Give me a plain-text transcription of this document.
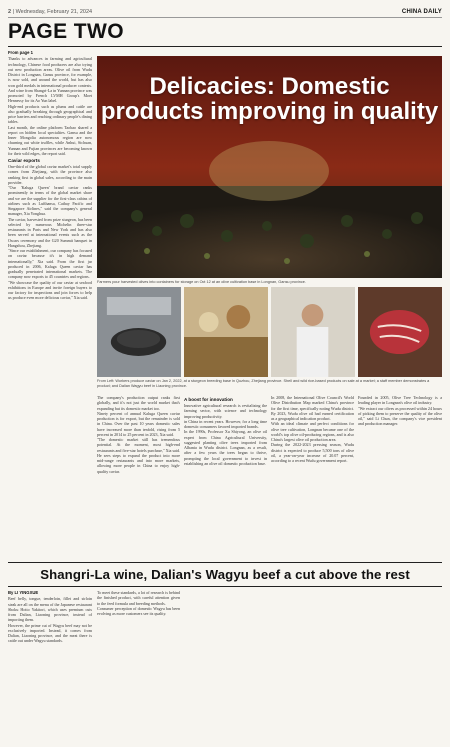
2 | Wednesday, February 21, 2024	CHINA DAILY
PAGE TWO

From page 1

Thanks to advances in farming and agricultural technology, Chinese food producers are also trying out new production areas. Olive oil from Wudu District in Longnan, Gansu province, for example, is now sold, and around the world, but has also won gold medals in international producer contests. And wine from Shangri-La in Yunnan province was promoted by French LVMH Group's Moet Hennessy for its Ao Yun label.

High-end products such as plums and cattle are also gradually breaking through geographical and price barriers and reaching ordinary people's dining tables.

Last month, the online platform Taobao shared a report on hidden local specialties. Gansu and the Inner Mongolia autonomous region are now churning out white truffles, while Anhui, Sichuan, Yunnan and Fujian provinces are becoming known for their wild edges, the report said.

Caviar exports

One-third of the global caviar market's total supply comes from Zhejiang, with the province also ranking first in global sales, according to the main provider.

"Our 'Kaluga Queen' brand caviar ranks prominently in terms of the global market share and we are the supplier for the first-class cabins of airlines such as Lufthansa, Cathay Pacific and Singapore Airlines," said the company's general manager, Xia Yonghua.

The caviar, harvested from prize sturgeon, has been selected by numerous Michelin three-star restaurants in Paris and New York and has also been served at international events such as the Oscars ceremony and the G20 Summit banquet in Hangzhou, Zhejiang.

"Since our establishment, our company has focused on caviar because it's in high demand internationally," Xia said. From the first jar produced in 2006, Kaluga Queen caviar has gradually penetrated international markets. The company now exports to 45 countries and regions.

"We showcase the quality of our caviar at seafood exhibitions in Europe and invite foreign buyers to our factory for inspections and join forces to help us produce even more delicious caviar," Xia said.

Delicacies: Domestic products improving in quality
Farmers pour harvested olives into containers for storage on Oct 12 at an olive cultivation base in Longnan, Gansu province.
From Left: Workers produce caviar on Jan 2, 2022, at a sturgeon breeding base in Quzhou, Zhejiang province. Shell and wild rice-based products on sale at a market; a staff member demonstrates a product; and Dalian Wagyu beef in Liaoning province.

The company's production output ranks first globally, and it's not just the world market that's expanding but its domestic market too.

Ninety percent of annual Kaluga Queen caviar production is for export, but the remainder is sold in China. Over the past 10 years domestic sales have increased more than tenfold, rising from 5 percent in 2014 to 25 percent in 2023, Xia said.

"The domestic market still has tremendous potential. At the moment, most high-end restaurants and five-star hotels purchase," Xia said. He sees steps to expand the product into more mid-range restaurants and into more markets, allowing more people in China to enjoy high-quality caviar.

A boost for innovation

Innovative agricultural research is revitalizing the farming sector, with science and technology improving productivity.

in China in recent years. However, for a long time domestic consumers favored imported brands.

In the 1990s, Professor Xu Shiyong, an olive oil expert from China Agricultural University, suggested planting olive trees imported from Albania in Wudu district. Longnan, as a result, after a few years the trees began to thrive, prompting the local government to invest in establishing an olive oil domestic production base.

In 2008, the International Olive Council's World Olive Distribution Map marked China's province for the first time, specifically noting Wudu district. By 2023, Wudu olive oil had earned certification as a geographical indication product.

With an ideal climate and perfect conditions for olive tree cultivation, Longnan became one of the world's top olive oil-producing regions, and is also China's largest olive oil production area.

During the 2022-2023 pressing season, Wudu district is expected to produce 5,500 tons of olive oil, a year-on-year increase of 20.07 percent, according to a recent Wudu government report.

Founded in 2005, Olive Tree Technology is a leading player in Longnan's olive oil industry.

"We extract our olives as processed within 24 hours of picking them to preserve the quality of the olive oil," said Li Chun, the company's vice president and production manager.

Shangri-La wine, Dalian's Wagyu beef a cut above the rest

By LI YINGXUE

Beef belly, tongue, tenderloin, fillet and sirloin steak are all on the menu of the Japanese restaurant Shoku Hotto Yakitori, which uses premium cuts from Dalian, Liaoning province, instead of importing them.

However, the prime cut of Wagyu beef may not be exclusively imported. Instead, it comes from Dalian, Liaoning province, and the meat there is cattle out under Wagyu standards.

To meet these standards, a lot of research is behind the finished product, with careful attention given to the feed formula and breeding methods.

Consumer perception of domestic Wagyu has been evolving as more customers see its quality.
